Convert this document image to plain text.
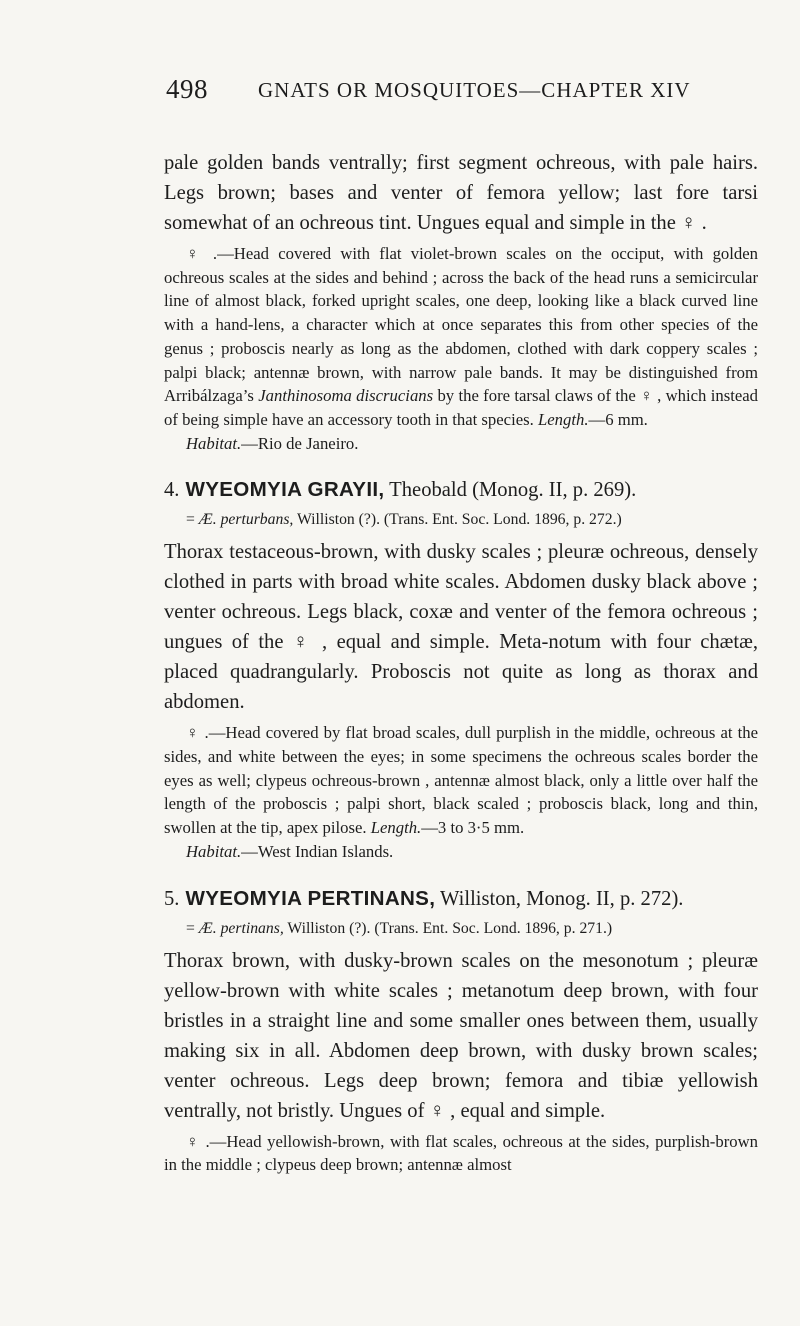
498 GNATS OR MOSQUITOES—CHAPTER XIV

pale golden bands ventrally; first segment ochreous, with pale hairs. Legs brown; bases and venter of femora yellow; last fore tarsi somewhat of an ochreous tint. Ungues equal and simple in the ♀ .

♀ .—Head covered with flat violet-brown scales on the occiput, with golden ochreous scales at the sides and behind ; across the back of the head runs a semicircular line of almost black, forked upright scales, one deep, looking like a black curved line with a hand-lens, a character which at once separates this from other species of the genus ; proboscis nearly as long as the abdomen, clothed with dark coppery scales ; palpi black; antennæ brown, with narrow pale bands. It may be distinguished from Arribálzaga’s Janthinosoma discrucians by the fore tarsal claws of the ♀ , which instead of being simple have an accessory tooth in that species. Length.—6 mm.

Habitat.—Rio de Janeiro.

4. WYEOMYIA GRAYII, Theobald (Monog. II, p. 269).

= Æ. perturbans, Williston (?). (Trans. Ent. Soc. Lond. 1896, p. 272.)

Thorax testaceous-brown, with dusky scales ; pleuræ ochreous, densely clothed in parts with broad white scales. Abdomen dusky black above ; venter ochreous. Legs black, coxæ and venter of the femora ochreous ; ungues of the ♀ , equal and simple. Meta-notum with four chætæ, placed quadrangularly. Proboscis not quite as long as thorax and abdomen.

♀ .—Head covered by flat broad scales, dull purplish in the middle, ochreous at the sides, and white between the eyes; in some specimens the ochreous scales border the eyes as well; clypeus ochreous-brown , antennæ almost black, only a little over half the length of the proboscis ; palpi short, black scaled ; proboscis black, long and thin, swollen at the tip, apex pilose. Length.—3 to 3·5 mm.

Habitat.—West Indian Islands.

5. WYEOMYIA PERTINANS, Williston, Monog. II, p. 272).

= Æ. pertinans, Williston (?). (Trans. Ent. Soc. Lond. 1896, p. 271.)

Thorax brown, with dusky-brown scales on the mesonotum ; pleuræ yellow-brown with white scales ; metanotum deep brown, with four bristles in a straight line and some smaller ones between them, usually making six in all. Abdomen deep brown, with dusky brown scales; venter ochreous. Legs deep brown; femora and tibiæ yellowish ventrally, not bristly. Ungues of ♀ , equal and simple.

♀ .—Head yellowish-brown, with flat scales, ochreous at the sides, purplish-brown in the middle ; clypeus deep brown; antennæ almost
